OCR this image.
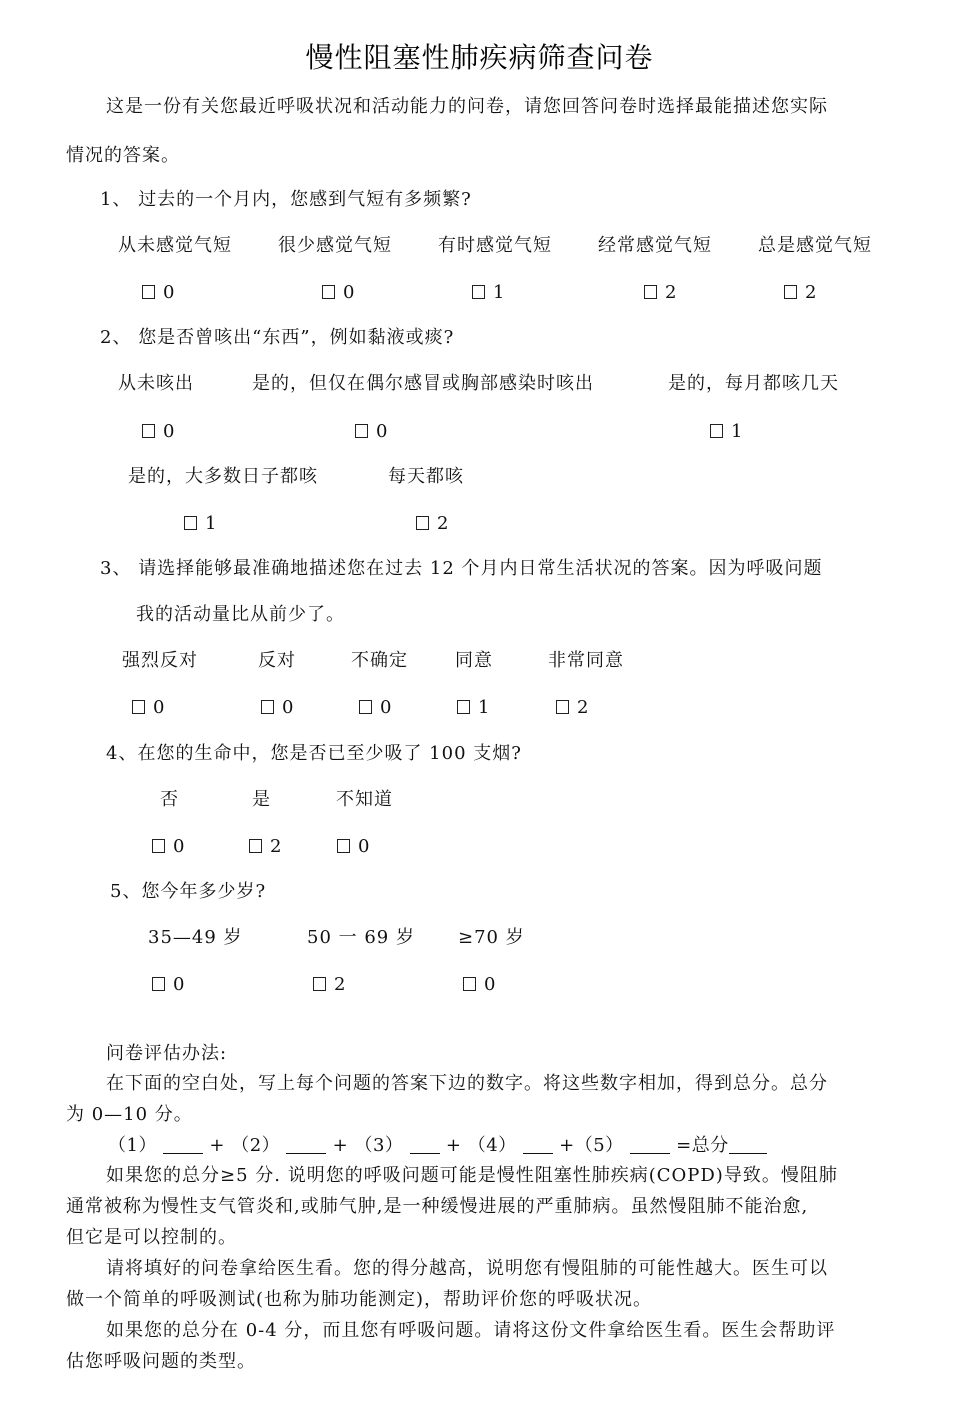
慢性阻塞性肺疾病筛查问卷
这是一份有关您最近呼吸状况和活动能力的问卷，请您回答问卷时选择最能描述您实际
情况的答案。
1、 过去的一个月内，您感到气短有多频繁?
从未感觉气短	很少感觉气短	有时感觉气短	经常感觉气短	总是感觉气短
0	0	1	2	2
2、 您是否曾咳出“东西”，例如黏液或痰?
从未咳出	是的，但仅在偶尔感冒或胸部感染时咳出	是的，每月都咳几天
0	0	1
是的，大多数日子都咳	每天都咳
1	2
3、 请选择能够最准确地描述您在过去 12 个月内日常生活状况的答案。因为呼吸问题
我的活动量比从前少了。
强烈反对	反对	不确定	同意	非常同意
0	0	0	1	2
4、在您的生命中，您是否已至少吸了 100 支烟?
否	是	不知道
0	2	0
5、您今年多少岁?
35—49 岁	50 一 69 岁 ≥70 岁
0	2	0
问卷评估办法:
在下面的空白处，写上每个问题的答案下边的数字。将这些数字相加，得到总分。总分
为 0—10 分。
（1）	+ （2）	+ （3） + （4） +（5）	=总分
如果您的总分≥5 分. 说明您的呼吸问题可能是慢性阻塞性肺疾病(COPD)导致。慢阻肺
通常被称为慢性支气管炎和,或肺气肿,是一种缓慢进展的严重肺病。虽然慢阻肺不能治愈,
但它是可以控制的。
请将填好的问卷拿给医生看。您的得分越高，说明您有慢阻肺的可能性越大。医生可以
做一个简单的呼吸测试(也称为肺功能测定)，帮助评价您的呼吸状况。
如果您的总分在 0-4 分，而且您有呼吸问题。请将这份文件拿给医生看。医生会帮助评
估您呼吸问题的类型。
